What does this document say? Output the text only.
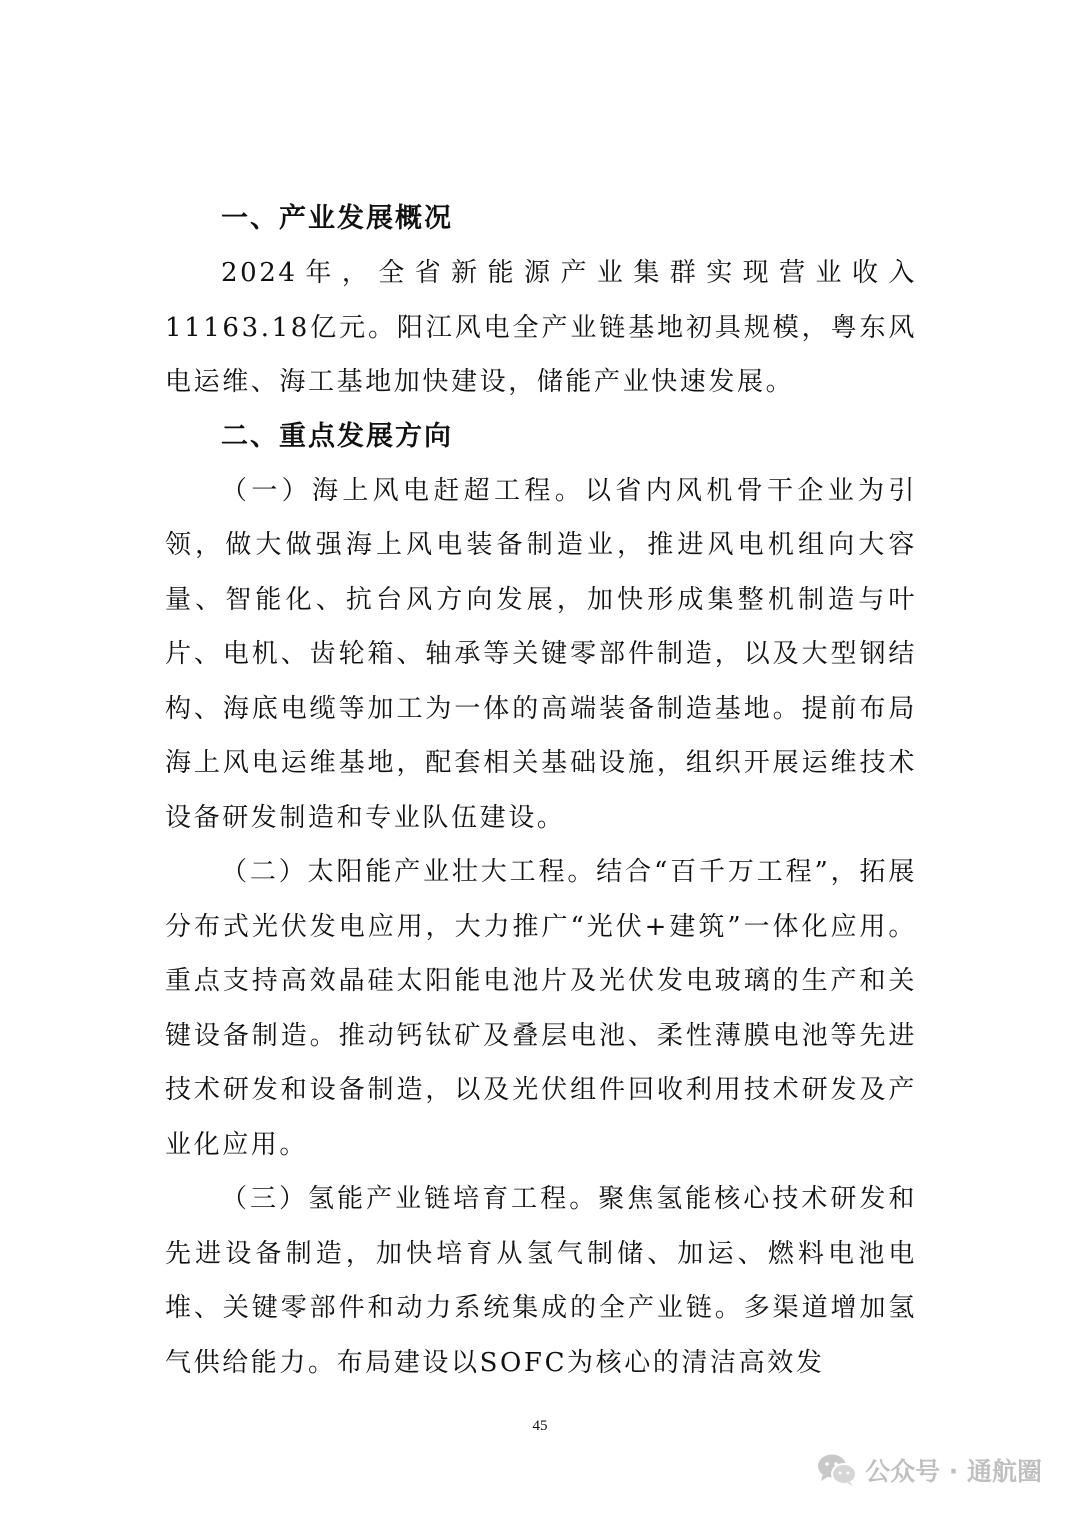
一、产业发展概况

2024年，全省新能源产业集群实现营业收入11163.18亿元。阳江风电全产业链基地初具规模，粤东风电运维、海工基地加快建设，储能产业快速发展。

二、重点发展方向

（一）海上风电赶超工程。以省内风机骨干企业为引领，做大做强海上风电装备制造业，推进风电机组向大容量、智能化、抗台风方向发展，加快形成集整机制造与叶片、电机、齿轮箱、轴承等关键零部件制造，以及大型钢结构、海底电缆等加工为一体的高端装备制造基地。提前布局海上风电运维基地，配套相关基础设施，组织开展运维技术设备研发制造和专业队伍建设。

（二）太阳能产业壮大工程。结合“百千万工程”，拓展分布式光伏发电应用，大力推广“光伏+建筑”一体化应用。重点支持高效晶硅太阳能电池片及光伏发电玻璃的生产和关键设备制造。推动钙钛矿及叠层电池、柔性薄膜电池等先进技术研发和设备制造，以及光伏组件回收利用技术研发及产业化应用。

（三）氢能产业链培育工程。聚焦氢能核心技术研发和先进设备制造，加快培育从氢气制储、加运、燃料电池电堆、关键零部件和动力系统集成的全产业链。多渠道增加氢气供给能力。布局建设以SOFC为核心的清洁高效发

45
公众号 · 通航圈
